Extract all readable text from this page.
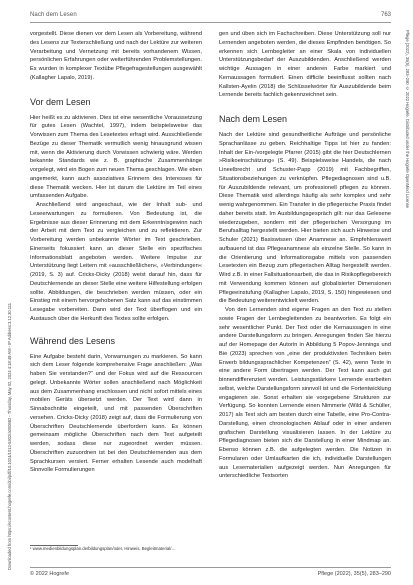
Nach dem Lesen	763
Downloaded from https://econtent.hogrefe.com/doi/pdf/10.1024/1012-5302/a000882 - Thursday, May 02, 2024 4:18:49 AM - IP Address:3.12.30.111
Pflege (2022), 35(5), 283–290 © 2022 Hogrefe. Distributed under the Hogrefe OpenMind License

vorgestellt. Diese dienen vor dem Lesen als Vorbereitung, während des Lesens zur Texterschließung und nach der Lektüre zur weiteren Verarbeitung und Vernetzung mit bereits vorhandenem Wissen, persönlichen Erfahrungen oder weiterführenden Problemstellungen. Es wurden in komplexer Textübe Pflegefragestellungen ausgewählt (Kallagher Lapalo, 2019).

Vor dem Lesen

Hier heißt es zu aktivieren. Dies ist eine wesentliche Voraussetzung für gutes Lesen (Wachtel, 1997), indem beispielsweise das Vorwissen zum Thema des Lesetextes erfragt wird. Ausschließende Bezüge zu dieser Thematik vermutlich wenig hinausgrund wissen mit, wenn die Aktivierung durch Vorwissen schwierig wäre. Werden bekannte Standards wie z. B. graphische Zusammenhänge vorgelegt, wird ein Bogen zum neuen Thema geschlagen. Wie eben angemerkt, kann auch assoziatives Erinnern des Interesses für diese Thematik wecken. Hier ist darum die Lektüre im Teil eines umfassenden Aufgabe.

Anschließend wird angeschaut, wie der Inhalt sub- und Leseerwartungen zu formulieren. Von Bedeutung ist, die Ergebnisse aus dieser Erinnerung mit dem Erkenntnisgewinn nach der Arbeit mit dem Text zu vergleichen und zu reflektieren. Zur Vorbereitung werden unbekannte Wörter im Text geschrieben. Einerseits fokussiert kann an dieser Stelle ein spezifisches Informationsblatt angeboten werden. Weitere Impulse zur Unterstützung liegt Leitern mit »ausschließlichen«, »Verbindungen« (2019, S. 3) auf. Cricks-Dicky (2018) weist darauf hin, dass für Deutschlernende an dieser Stelle eine weitere Hilfestellung erfolgen sollte. Abbildungen, die beschrieben werden müssen, oder ein Einstieg mit einem hervorgehobenen Satz kann auf das einstimmen Lesegabe vorbereiten. Dann wird der Text überflogen und ein Austausch über die Herkunft des Textes sollte erfolgen.

Während des Lesens

Eine Aufgabe besteht darin, Vorwarnungen zu markieren. So kann sich dem Leser folgende komprehensive Frage anschließen: „Was haben Sie verstanden?“ und der Fokus wird auf die Ressourcen gelegt. Unbekannte Wörter sollen anschließend nach Möglichkeit aus dem Zusammenhang erschlossen und nicht sofort mittels eines mobilen Geräts übersetzt werden. Der Text wird dann in Sinnabschnitte eingeteilt, und mit passenden Überschriften versehen. Cricks-Dicky (2018) zeigt auf, dass die Formulierung von Überschriften Deutschlernende überfordern kann. Es können gemeinsam mögliche Überschriften nach dem Text aufgeteilt werden, sodass diese nur zugeordnet werden müssen. Überschriften zuzuordnen ist bei den Deutschlernenden aus dem Sprachkursen versiert. Ferner erhalten Lesende auch modelhaft Sinnvolle Formulierungen

¹ www.medienbildungsplan.de/bildungsplan/oder, Hinweis, Begleitmaterial/…

gen und üben sich im Fachschreiben. Diese Unterstützung soll nur Lernenden angeboten werden, die dieses Empfinden benötigen. So erkennen sich Lernbegleiter an einer Skala von individuellen Unterstützungsbedarf der Auszubildenden. Anschließend werden wichtige Aussagen in einer anderen Farbe markiert und Kernaussagen formuliert. Einen difficile beeinflusst sollten nach Kallsten-Ayelin (2018) die Schlüsselwörter für Auszubildende beim Lernende bereits fachlich gekennzeichnet sein.

Nach dem Lesen

Nach der Lektüre sind gesundheitliche Aufträge und persönliche Sprachanlässe zu geben. Reichhaltige Tipps ist hier zu fanden: Inhalt der Ein-/vorgelegte Pfarrer (2015) gibt die hier Deutschlernen »Risikoeinschätzung« (S. 49). Beispielsweise Handels, die nach Lineelbrecht und Schuster-Papp (2019) mit Fachbegriffen, Situationsbeziehungen zu verknüpfen. Pflegediagnosen sind u.B. für Auszubildende relevant, um professionell pflegen zu können. Diese Thematik wird allerdings häufig als sehr komplex und sehr wenig wahrgenommen. Ein Transfer in die pflegerische Praxis findet daher bereits statt. Im Ausbildungsgespräch gilt: nur das Gelesene wiederzugeben, sondern mit der pflegerischen Versorgung im Berufsalltag hergestellt werden. Hier bieten sich auch Hinweise und Schuler (2021) Basiswissen über Anamnese an. Empfehlenswert aufbauend ist das Pflegeanamnese als einzelne Stelle. So kann in die Orientierung und Informationsgabe mittels von passenden Lesetexten ein Bezug zum pflegerischen Alltag hergestellt werden. Wird z.B. in einer Fallsituationsarbeit, die das in Risikopflegebereich mit Verwendung kommen können auf globalisierter Dimensionen Pflegeeinstufung (Kallagher Lapalo, 2019, S. 150) hingewiesen und die Bedeutung weiterentwickelt werden.

Von den Lernenden sind eigene Fragen an den Text zu stellen sowie Fragen der Lernbegleitenden zu beantworten. Es folgt ein sehr wesentlicher Punkt. Der Text oder die Kernaussagen in eine andere Darstellungsform zu bringen. Anregungen finden Sie hierzu auf der Homepage der Autorin in Abbildung 5 Popov-Jennings und Bie (2023) sprechen von „eine der produktivsten Techniken beim Erwerb bildungssprachlicher Kompetenzen“ (S. 42), wenn Texte in eine andere Form übertragen werden. Der Text kann auch gut binnendifferenziert werden. Leistungsstärkere Lernende erarbeiten selbst, welche Darstellungsform sinnvoll ist und die Fortentwicklung engagieren sie. Sonst erhalten sie vorgegebene Strukturen zur Verfügung. So konnten Lernende einen Nimmerie (Wild & Schüller, 2017) als Text sich am besten durch eine Tabelle, eine Pro-Contra-Darstellung, einen chronologischen Ablauf oder in einer anderen grafischen Darstellung visualisieren lassen. In der Lektüre zu Pflegediagnosen bieten sich die Darstellung in einer Mindmap an. Ebenso können z.B. die aufgelegten werden. Die Notizen in Formularen oder Umlaufkarten die ich, individuelle Darstellungen aus Lesematerialien aufgezeigt werden. Nun Anregungen für unterschiedliche Textsorten

© 2022 Hogrefe	Pflege (2022), 35(5), 283–290
